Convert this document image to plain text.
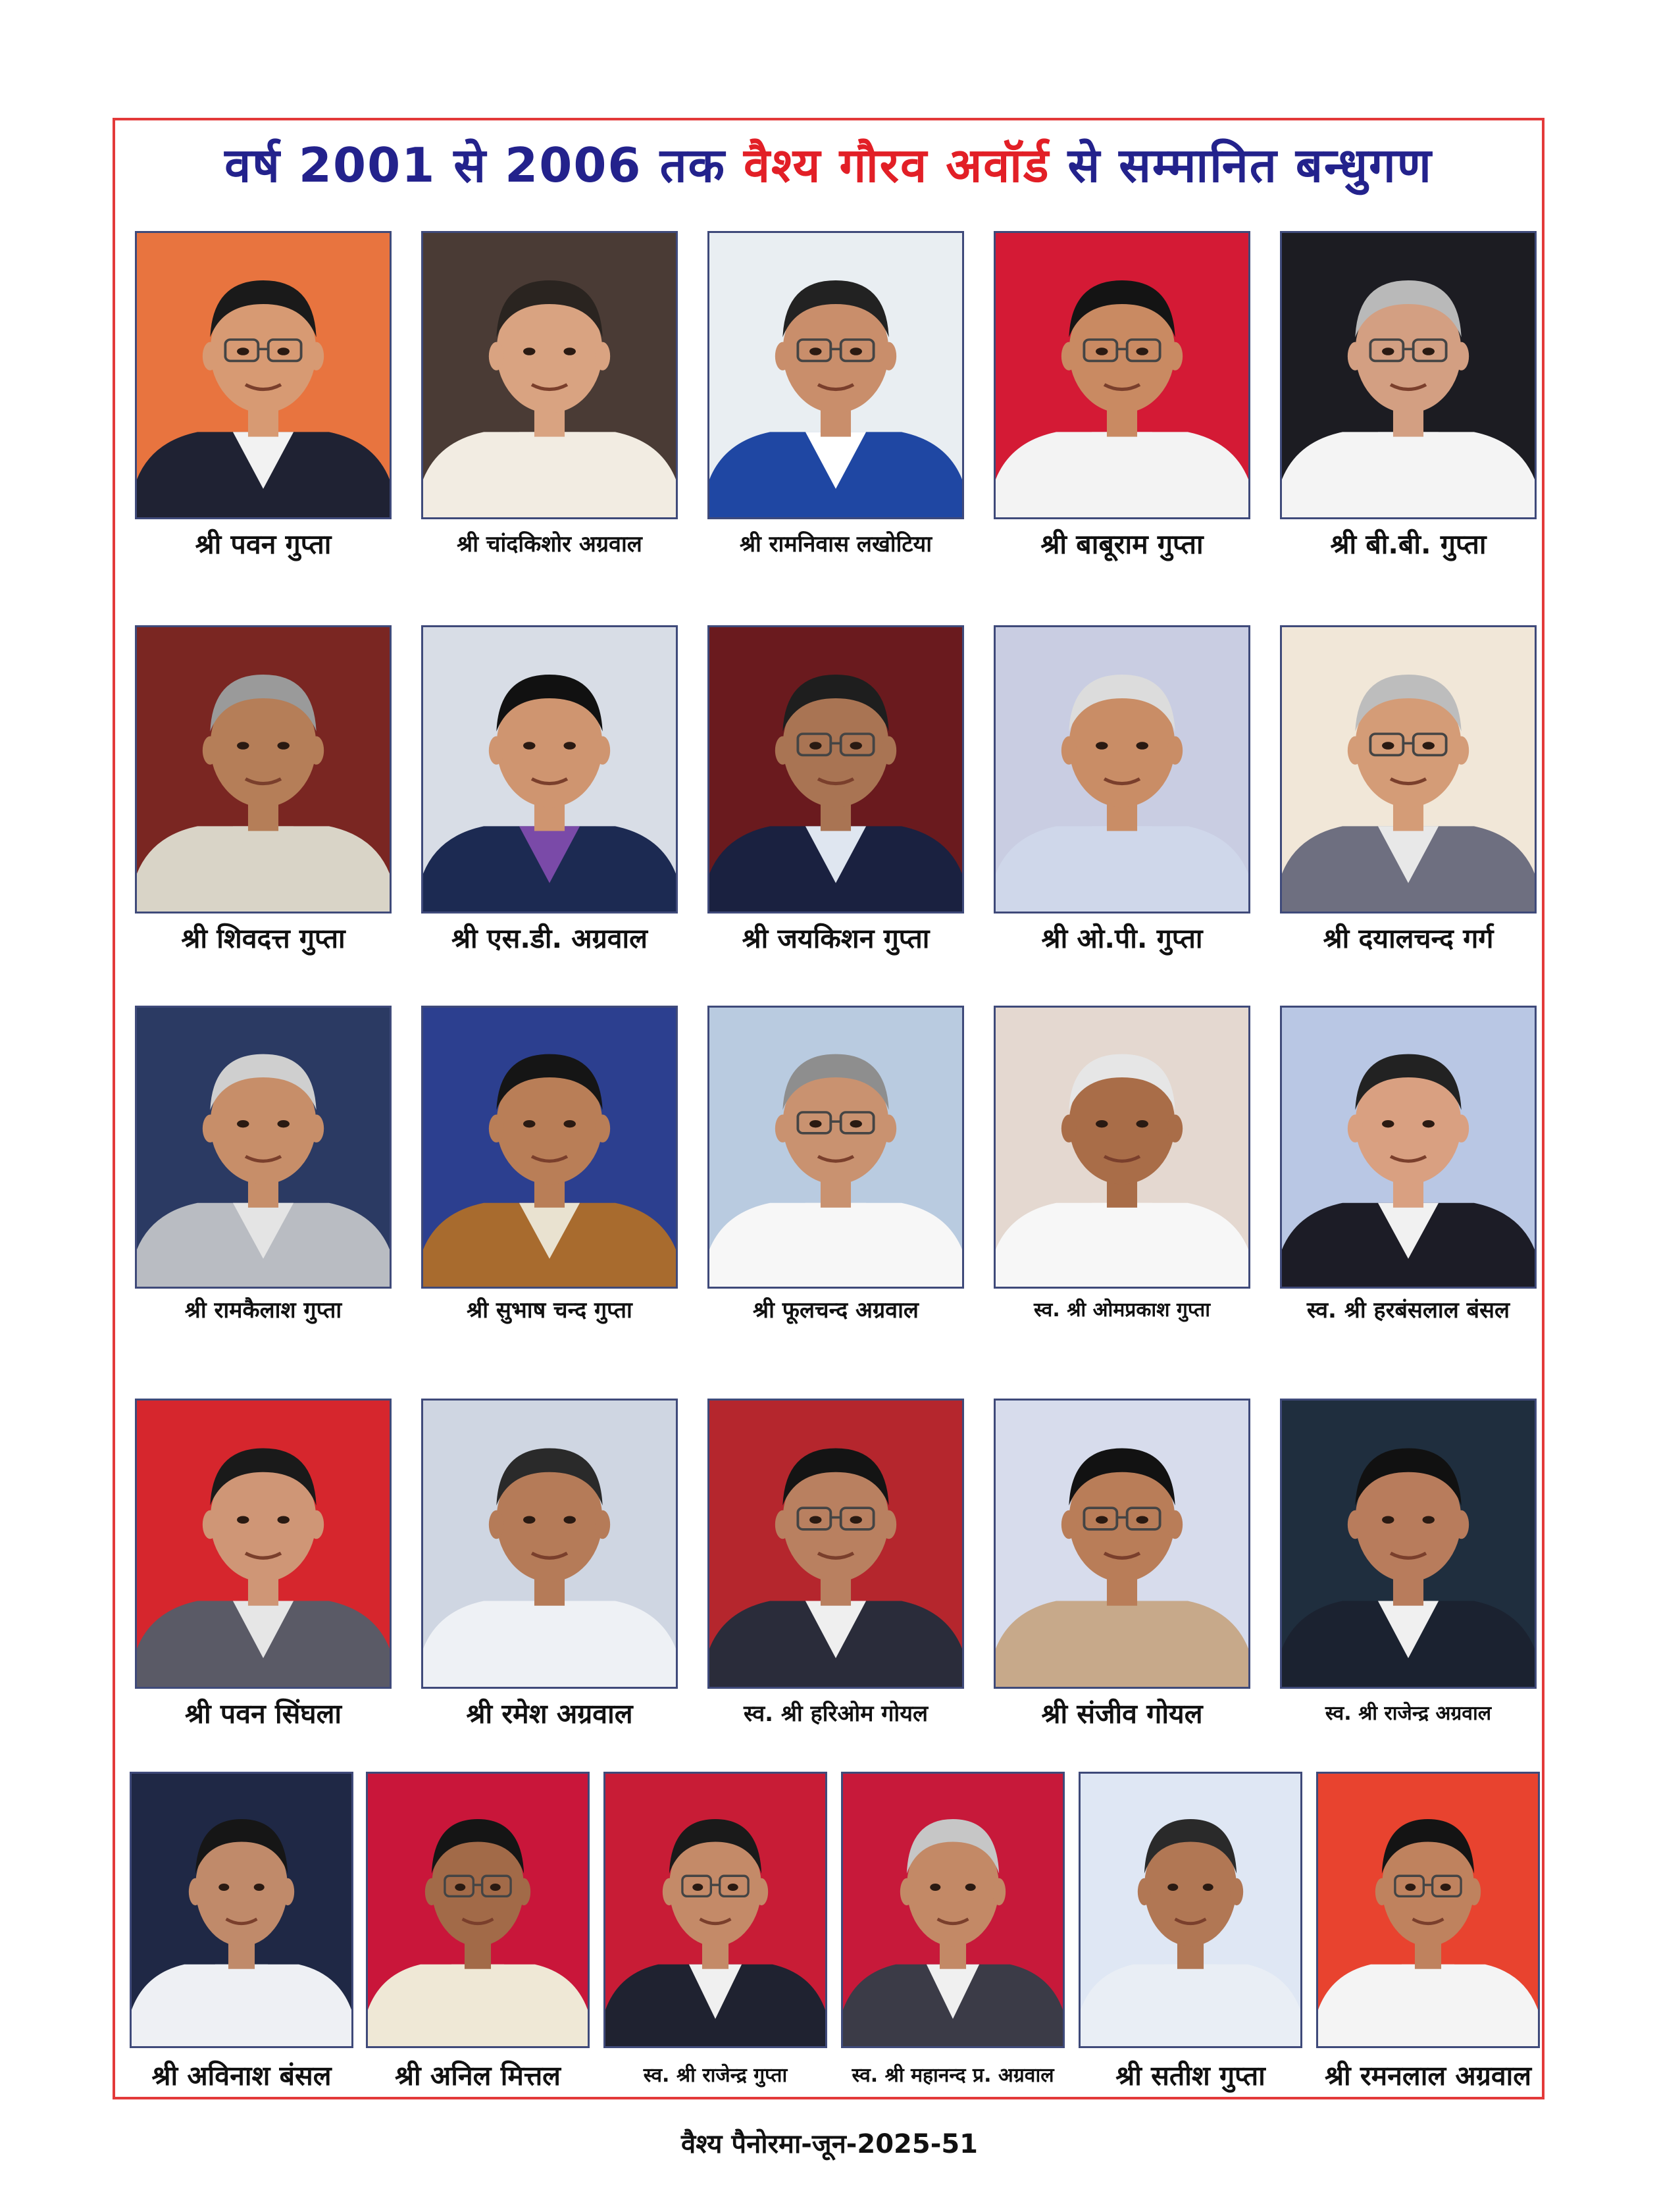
वर्ष 2001 से 2006 तक वैश्य गौरव अवॉर्ड से सम्मानित बन्धुगण
श्री पवन गुप्ता	श्री चांदकिशोर अग्रवाल	श्री रामनिवास लखोटिया	श्री बाबूराम गुप्ता	श्री बी.बी. गुप्ता
श्री शिवदत्त गुप्ता	श्री एस.डी. अग्रवाल	श्री जयकिशन गुप्ता	श्री ओ.पी. गुप्ता	श्री दयालचन्द गर्ग
श्री रामकैलाश गुप्ता	श्री सुभाष चन्द गुप्ता	श्री फूलचन्द अग्रवाल	स्व. श्री ओमप्रकाश गुप्ता	स्व. श्री हरबंसलाल बंसल
श्री पवन सिंघला	श्री रमेश अग्रवाल	स्व. श्री हरिओम गोयल	श्री संजीव गोयल	स्व. श्री राजेन्द्र अग्रवाल
श्री अविनाश बंसल	श्री अनिल मित्तल	स्व. श्री राजेन्द्र गुप्ता	स्व. श्री महानन्द प्र. अग्रवाल	श्री सतीश गुप्ता	श्री रमनलाल अग्रवाल
वैश्य पैनोरमा-जून-2025-51
